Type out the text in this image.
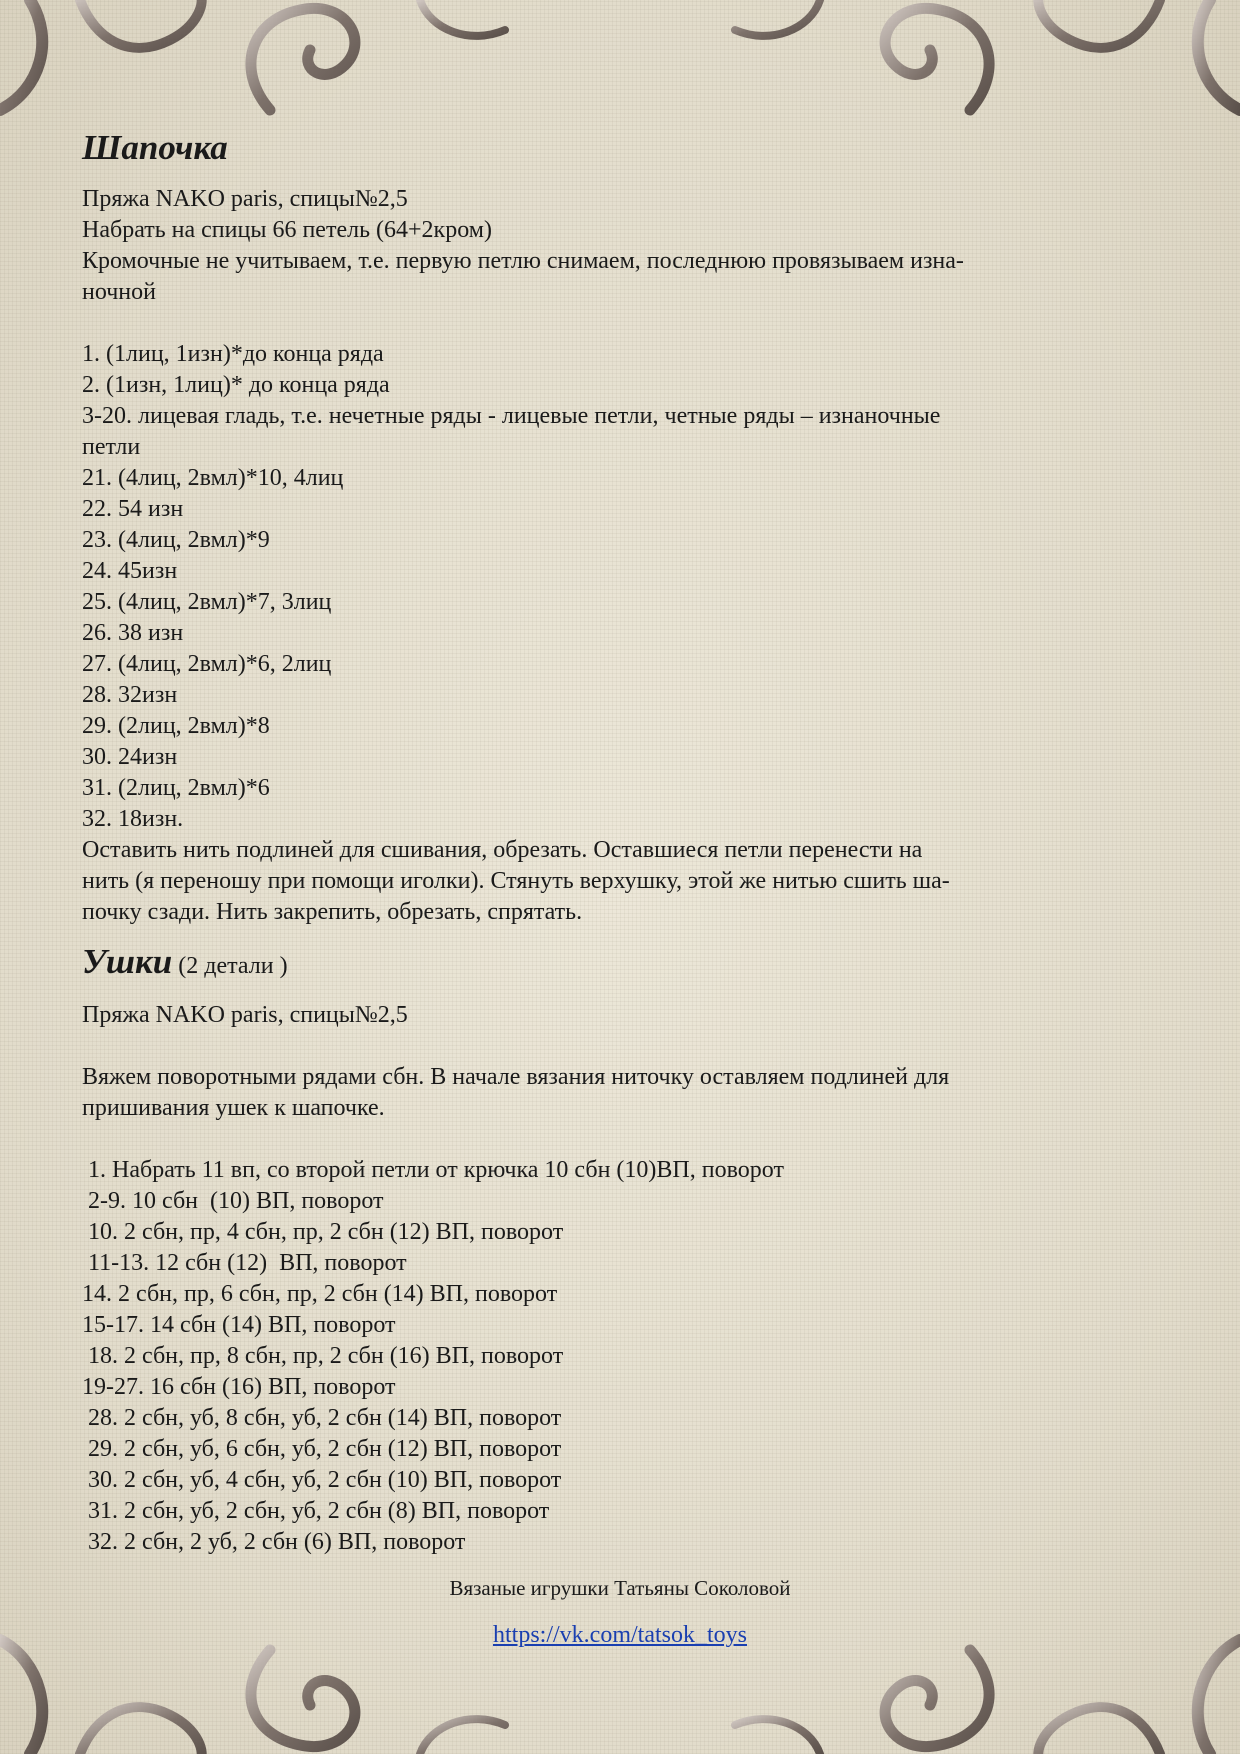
Шапочка

Пряжа NAKO paris, спицы№2,5

Набрать на спицы 66 петель (64+2кром)

Кромочные не учитываем, т.е. первую петлю снимаем, последнюю провязываем изна-

ночной

1. (1лиц, 1изн)*до конца ряда

2. (1изн, 1лиц)* до конца ряда

3-20. лицевая гладь, т.е. нечетные ряды - лицевые петли, четные ряды – изнаночные

петли

21. (4лиц, 2вмл)*10, 4лиц

22. 54 изн

23. (4лиц, 2вмл)*9

24. 45изн

25. (4лиц, 2вмл)*7, 3лиц

26. 38 изн

27. (4лиц, 2вмл)*6, 2лиц

28. 32изн

29. (2лиц, 2вмл)*8

30. 24изн

31. (2лиц, 2вмл)*6

32. 18изн.

Оставить нить подлиней для сшивания, обрезать. Оставшиеся петли перенести на

нить (я переношу при помощи иголки). Стянуть верхушку, этой же нитью сшить ша-

почку сзади. Нить закрепить, обрезать, спрятать.

Ушки (2 детали )

Пряжа NAKO paris, спицы№2,5

Вяжем поворотными рядами сбн. В начале вязания ниточку оставляем подлиней для

пришивания ушек к шапочке.

1. Набрать 11 вп, со второй петли от крючка 10 сбн (10)ВП, поворот

2-9. 10 сбн  (10) ВП, поворот

10. 2 сбн, пр, 4 сбн, пр, 2 сбн (12) ВП, поворот

11-13. 12 сбн (12)  ВП, поворот

14. 2 сбн, пр, 6 сбн, пр, 2 сбн (14) ВП, поворот

15-17. 14 сбн (14) ВП, поворот

18. 2 сбн, пр, 8 сбн, пр, 2 сбн (16) ВП, поворот

19-27. 16 сбн (16) ВП, поворот

28. 2 сбн, уб, 8 сбн, уб, 2 сбн (14) ВП, поворот

29. 2 сбн, уб, 6 сбн, уб, 2 сбн (12) ВП, поворот

30. 2 сбн, уб, 4 сбн, уб, 2 сбн (10) ВП, поворот

31. 2 сбн, уб, 2 сбн, уб, 2 сбн (8) ВП, поворот

32. 2 сбн, 2 уб, 2 сбн (6) ВП, поворот

Вязаные игрушки Татьяны Соколовой
https://vk.com/tatsok_toys
